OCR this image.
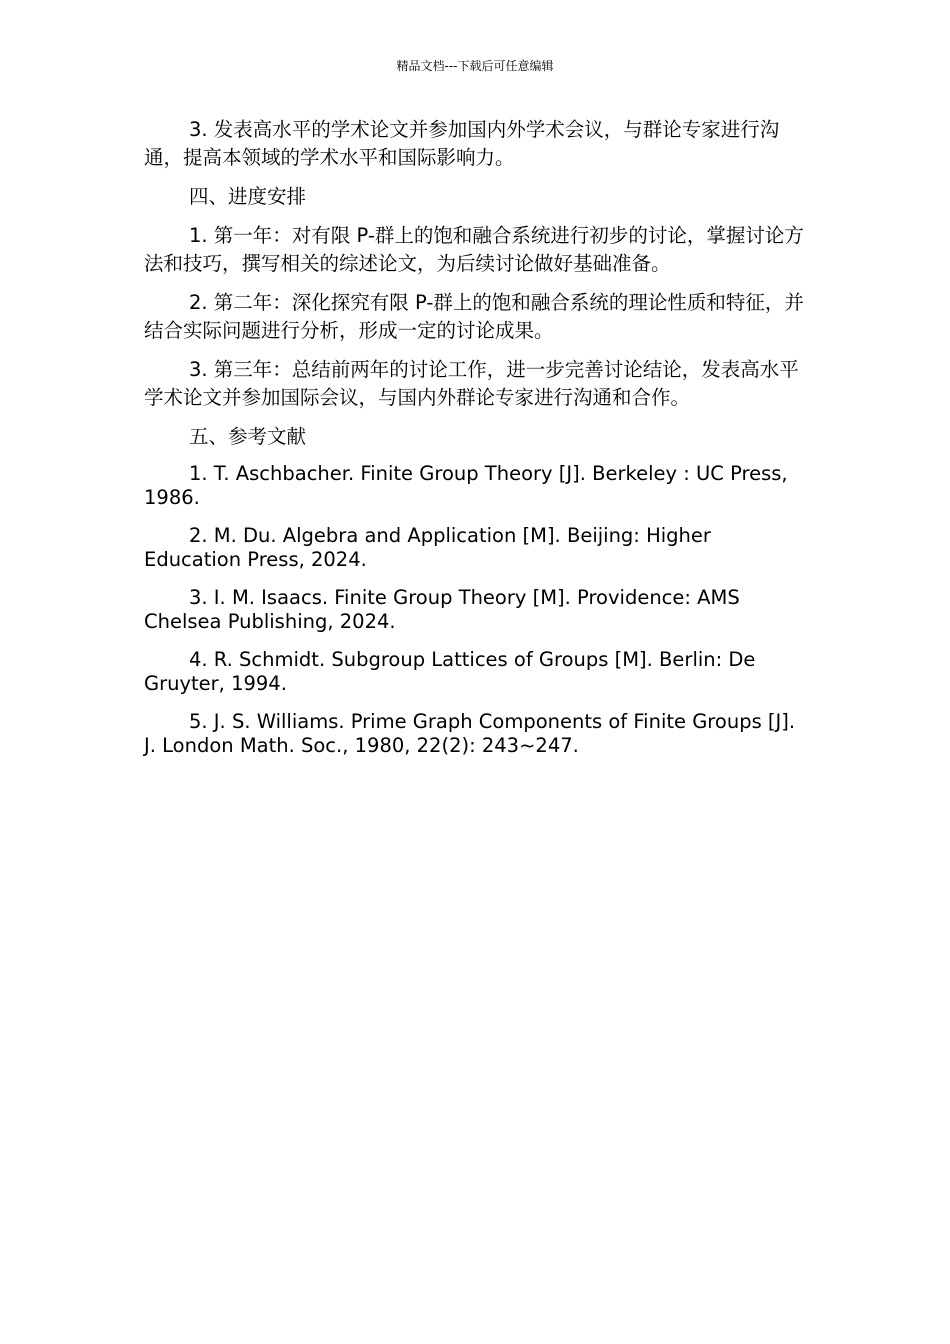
精品文档---下载后可任意编辑

3. 发表高水平的学术论文并参加国内外学术会议，与群论专家进行沟通，提高本领域的学术水平和国际影响力。

四、进度安排

1. 第一年：对有限 P-群上的饱和融合系统进行初步的讨论，掌握讨论方法和技巧，撰写相关的综述论文，为后续讨论做好基础准备。

2. 第二年：深化探究有限 P-群上的饱和融合系统的理论性质和特征，并结合实际问题进行分析，形成一定的讨论成果。

3. 第三年：总结前两年的讨论工作，进一步完善讨论结论，发表高水平学术论文并参加国际会议，与国内外群论专家进行沟通和合作。

五、参考文献

1. T. Aschbacher. Finite Group Theory [J]. Berkeley : UC Press, 1986.

2. M. Du. Algebra and Application [M]. Beijing: Higher Education Press, 2024.

3. I. M. Isaacs. Finite Group Theory [M]. Providence: AMS Chelsea Publishing, 2024.

4. R. Schmidt. Subgroup Lattices of Groups [M]. Berlin: De Gruyter, 1994.

5. J. S. Williams. Prime Graph Components of Finite Groups [J]. J. London Math. Soc., 1980, 22(2): 243~247.
